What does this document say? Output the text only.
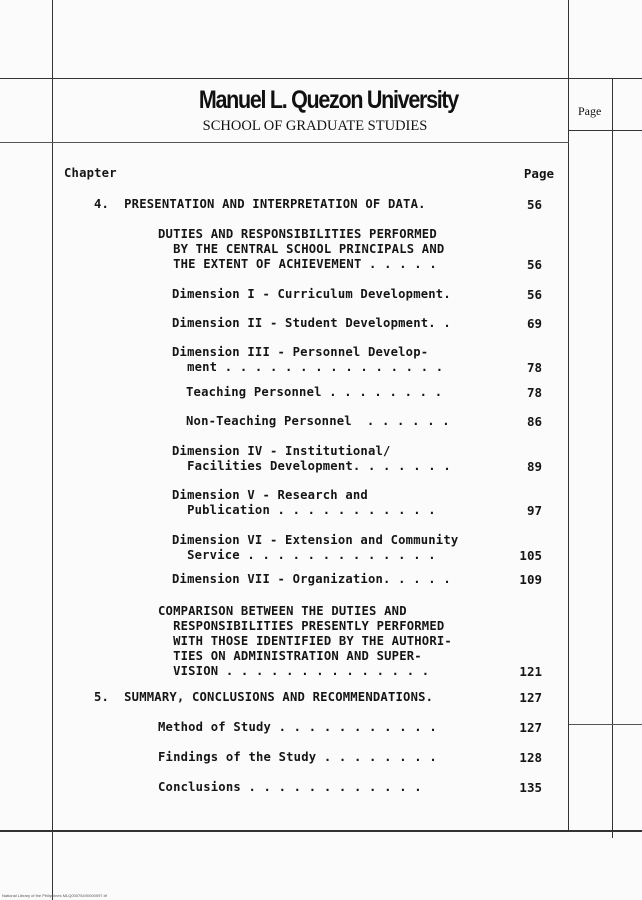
Manuel L. Quezon University
SCHOOL OF GRADUATE STUDIES
Page
Chapter	Page
4.  PRESENTATION AND INTERPRETATION OF DATA.	56
DUTIES AND RESPONSIBILITIES PERFORMED
BY THE CENTRAL SCHOOL PRINCIPALS AND
THE EXTENT OF ACHIEVEMENT . . . . .	56
Dimension I - Curriculum Development.	56
Dimension II - Student Development. .	69
Dimension III - Personnel Develop-
ment . . . . . . . . . . . . . . .	78
Teaching Personnel . . . . . . . .	78
Non-Teaching Personnel  . . . . . .	86
Dimension IV - Institutional/
Facilities Development. . . . . . .	89
Dimension V - Research and
Publication . . . . . . . . . . .	97
Dimension VI - Extension and Community
Service . . . . . . . . . . . . .	105
Dimension VII - Organization. . . . .	109
COMPARISON BETWEEN THE DUTIES AND
RESPONSIBILITIES PRESENTLY PERFORMED
WITH THOSE IDENTIFIED BY THE AUTHORI-
TIES ON ADMINISTRATION AND SUPER-
VISION . . . . . . . . . . . . . .	121
5.  SUMMARY, CONCLUSIONS AND RECOMMENDATIONS.	127
Method of Study . . . . . . . . . . .	127
Findings of the Study . . . . . . . .	128
Conclusions . . . . . . . . . . . .	135
National Library of the Philippines MLQ000754/0/000097.tif
